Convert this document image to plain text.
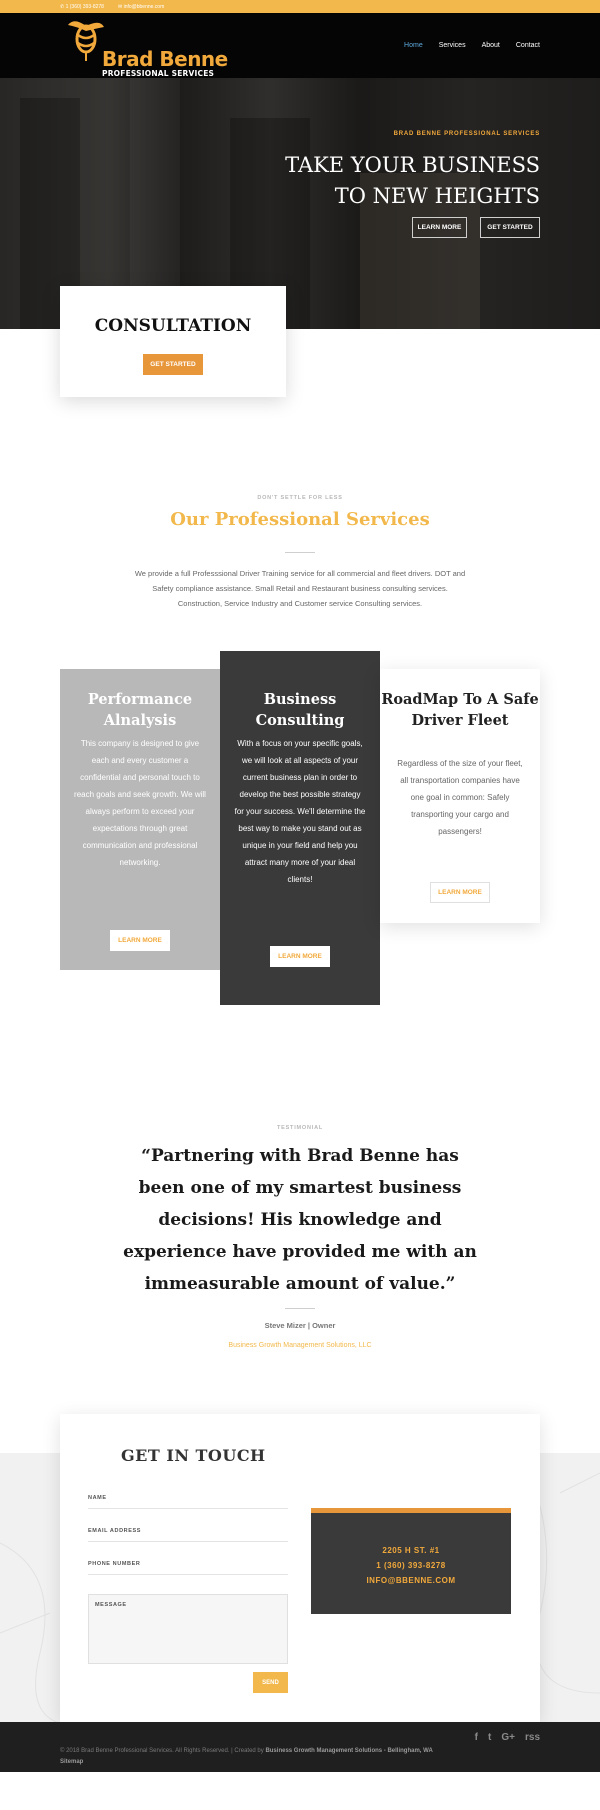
✆ 1 (360) 393-8278	✉ info@bbenne.com
Brad Benne
PROFESSIONAL SERVICES
Home Services About Contact
BRAD BENNE PROFESSIONAL SERVICES
TAKE YOUR BUSINESS
TO NEW HEIGHTS
LEARN MORE	GET STARTED
CONSULTATION
GET STARTED
DON'T SETTLE FOR LESS
Our Professional Services
We provide a full Professsional Driver Training service for all commercial and fleet drivers. DOT and Safety compliance assistance. Small Retail and Restaurant business consulting services. Construction, Service Industry and Customer service Consulting services.
Performance Alnalysis
This company is designed to give each and every customer a confidential and personal touch to reach goals and seek growth. We will always perform to exceed your expectations through great communication and professional networking.
LEARN MORE
Business Consulting
With a focus on your specific goals, we will look at all aspects of your current business plan in order to develop the best possible strategy for your success. We'll determine the best way to make you stand out as unique in your field and help you attract many more of your ideal clients!
LEARN MORE
RoadMap To A Safe Driver Fleet
Regardless of the size of your fleet, all transportation companies have one goal in common: Safely transporting your cargo and passengers!
LEARN MORE
TESTIMONIAL
“Partnering with Brad Benne has been one of my smartest business decisions! His knowledge and experience have provided me with an immeasurable amount of value.”
Steve Mizer | Owner
Business Growth Management Solutions, LLC
GET IN TOUCH
NAME
EMAIL ADDRESS
PHONE NUMBER
MESSAGE
SEND
2205 H ST. #1
1 (360) 393-8278
INFO@BBENNE.COM
f t G+ rss
© 2018 Brad Benne Professional Services. All Rights Reserved. | Created by Business Growth Management Solutions - Bellingham, WA
Sitemap
